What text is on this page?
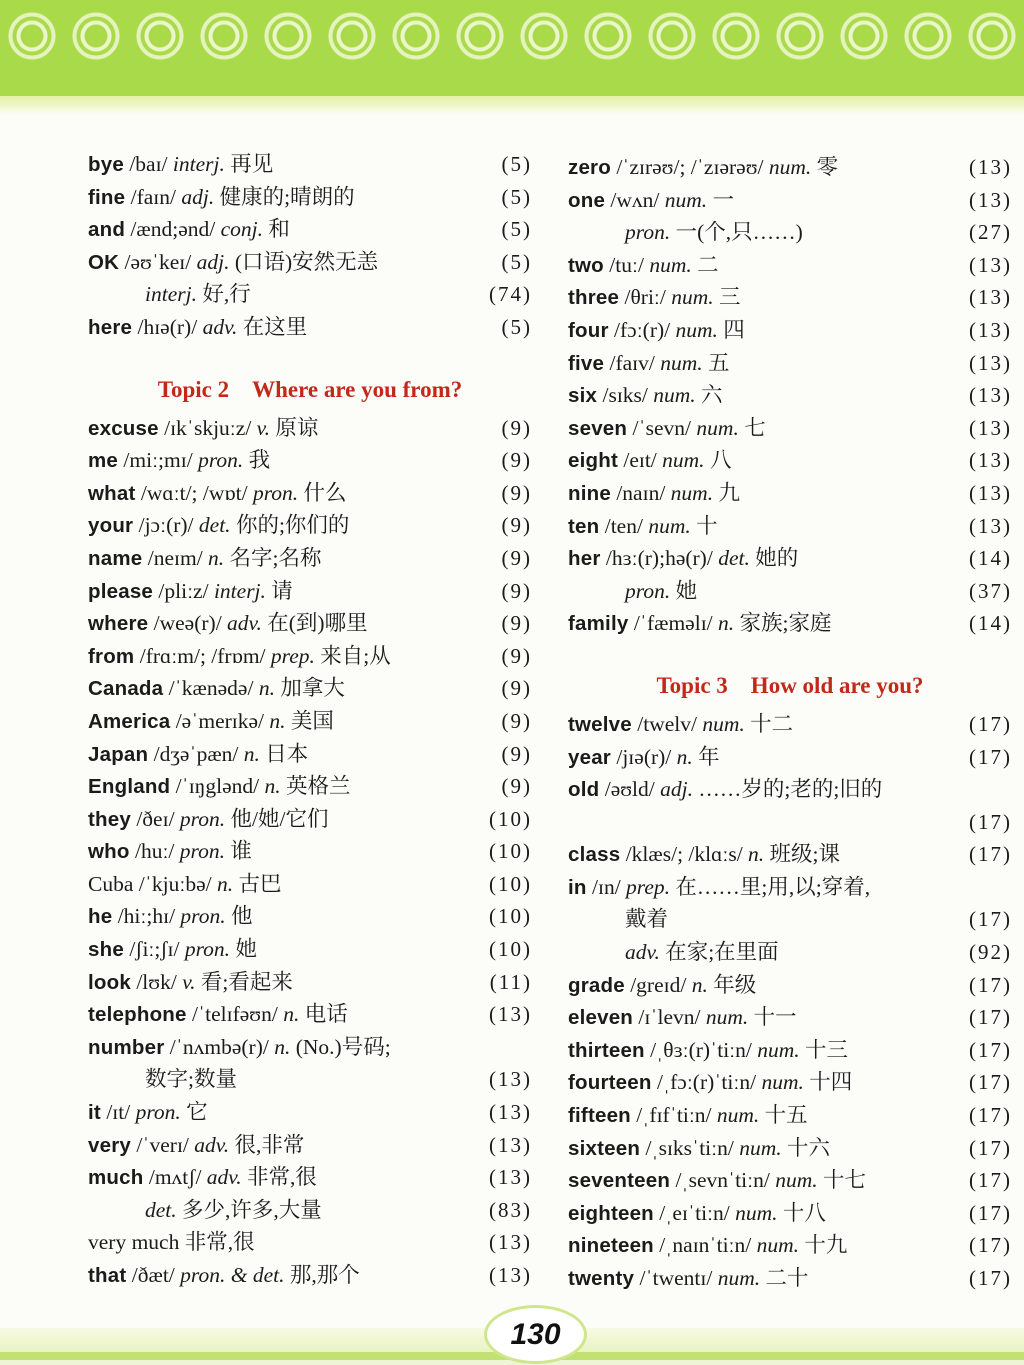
bye /baɪ/ interj. 再见	(5)
fine /faɪn/ adj. 健康的;晴朗的	(5)
and /ænd;ənd/ conj. 和	(5)
OK /əʊˈkeɪ/ adj. (口语)安然无恙	(5)
interj. 好,行	(74)
here /hɪə(r)/ adv. 在这里	(5)
Topic 2　Where are you from?
excuse /ɪkˈskjuːz/ v. 原谅	(9)
me /miː;mɪ/ pron. 我	(9)
what /wɑːt/; /wɒt/ pron. 什么	(9)
your /jɔː(r)/ det. 你的;你们的	(9)
name /neɪm/ n. 名字;名称	(9)
please /pliːz/ interj. 请	(9)
where /weə(r)/ adv. 在(到)哪里	(9)
from /frɑːm/; /frɒm/ prep. 来自;从	(9)
Canada /ˈkænədə/ n. 加拿大	(9)
America /əˈmerɪkə/ n. 美国	(9)
Japan /dʒəˈpæn/ n. 日本	(9)
England /ˈɪŋglənd/ n. 英格兰	(9)
they /ðeɪ/ pron. 他/她/它们	(10)
who /huː/ pron. 谁	(10)
Cuba /ˈkjuːbə/ n. 古巴	(10)
he /hiː;hɪ/ pron. 他	(10)
she /ʃiː;ʃɪ/ pron. 她	(10)
look /lʊk/ v. 看;看起来	(11)
telephone /ˈtelɪfəʊn/ n. 电话	(13)
number /ˈnʌmbə(r)/ n. (No.)号码;
数字;数量	(13)
it /ɪt/ pron. 它	(13)
very /ˈverɪ/ adv. 很,非常	(13)
much /mʌtʃ/ adv. 非常,很	(13)
det. 多少,许多,大量	(83)
very much 非常,很	(13)
that /ðæt/ pron. & det. 那,那个	(13)
zero /ˈzɪrəʊ/; /ˈzɪərəʊ/ num. 零	(13)
one /wʌn/ num. 一	(13)
pron. 一(个,只……)	(27)
two /tuː/ num. 二	(13)
three /θriː/ num. 三	(13)
four /fɔː(r)/ num. 四	(13)
five /faɪv/ num. 五	(13)
six /sɪks/ num. 六	(13)
seven /ˈsevn/ num. 七	(13)
eight /eɪt/ num. 八	(13)
nine /naɪn/ num. 九	(13)
ten /ten/ num. 十	(13)
her /hɜː(r);hə(r)/ det. 她的	(14)
pron. 她	(37)
family /ˈfæməlɪ/ n. 家族;家庭	(14)
Topic 3　How old are you?
twelve /twelv/ num. 十二	(17)
year /jɪə(r)/ n. 年	(17)
old /əʊld/ adj. ……岁的;老的;旧的
(17)
class /klæs/; /klɑːs/ n. 班级;课	(17)
in /ɪn/ prep. 在……里;用,以;穿着,
戴着	(17)
adv. 在家;在里面	(92)
grade /greɪd/ n. 年级	(17)
eleven /ɪˈlevn/ num. 十一	(17)
thirteen /ˌθɜː(r)ˈtiːn/ num. 十三	(17)
fourteen /ˌfɔː(r)ˈtiːn/ num. 十四	(17)
fifteen /ˌfɪfˈtiːn/ num. 十五	(17)
sixteen /ˌsɪksˈtiːn/ num. 十六	(17)
seventeen /ˌsevnˈtiːn/ num. 十七	(17)
eighteen /ˌeɪˈtiːn/ num. 十八	(17)
nineteen /ˌnaɪnˈtiːn/ num. 十九	(17)
twenty /ˈtwentɪ/ num. 二十	(17)
130
